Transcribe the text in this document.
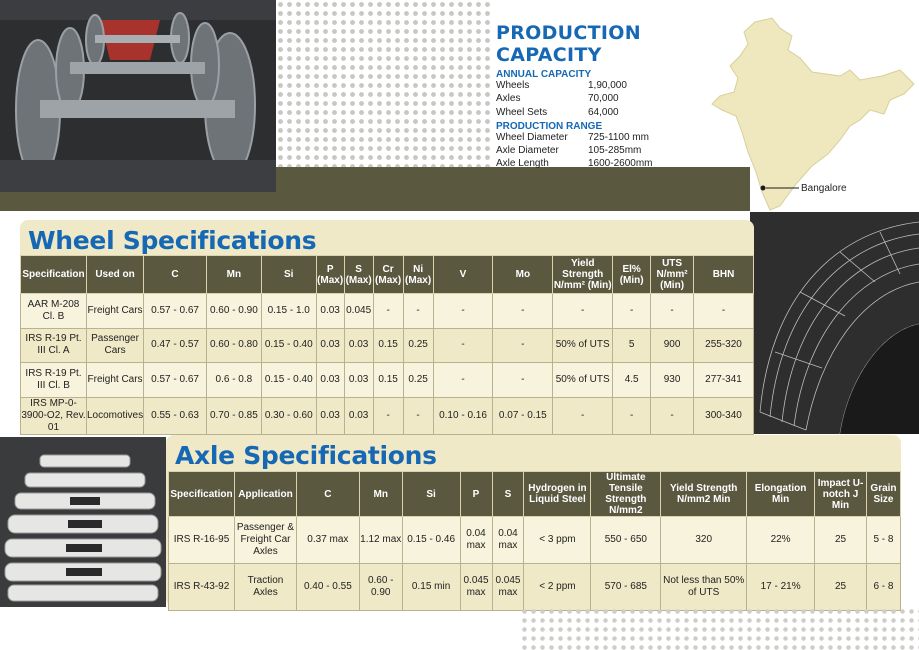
PRODUCTION CAPACITY
ANNUAL CAPACITY
Wheels	1,90,000
Axles	70,000
Wheel Sets	64,000
PRODUCTION RANGE
Wheel Diameter	725-1100 mm
Axle Diameter	105-285mm
Axle Length	1600-2600mm
Bangalore
Wheel Specifications
Specification	Used on	C	Mn	Si	P (Max)	S (Max)	Cr (Max)	Ni (Max)	V	Mo	Yield Strength N/mm² (Min)	El% (Min)	UTS N/mm² (Min)	BHN
AAR M-208 Cl. B	Freight Cars	0.57 - 0.67	0.60 - 0.90	0.15 - 1.0	0.03	0.045	-	-	-	-	-	-	-	-
IRS R-19 Pt. III Cl. A	Passenger Cars	0.47 - 0.57	0.60 - 0.80	0.15 - 0.40	0.03	0.03	0.15	0.25	-	-	50% of UTS	5	900	255-320
IRS R-19 Pt. III Cl. B	Freight Cars	0.57 - 0.67	0.6 - 0.8	0.15 - 0.40	0.03	0.03	0.15	0.25	-	-	50% of UTS	4.5	930	277-341
IRS MP-0-3900-O2, Rev. 01	Locomotives	0.55 - 0.63	0.70 - 0.85	0.30 - 0.60	0.03	0.03	-	-	0.10 - 0.16	0.07 - 0.15	-	-	-	300-340
Axle Specifications
Specification	Application	C	Mn	Si	P	S	Hydrogen in Liquid Steel	Ultimate Tensile Strength N/mm2	Yield Strength N/mm2 Min	Elongation Min	Impact U-notch J Min	Grain Size
IRS R-16-95	Passenger & Freight Car Axles	0.37 max	1.12 max	0.15 - 0.46	0.04 max	0.04 max	< 3 ppm	550 - 650	320	22%	25	5 - 8
IRS R-43-92	Traction Axles	0.40 - 0.55	0.60 - 0.90	0.15 min	0.045 max	0.045 max	< 2 ppm	570 - 685	Not less than 50% of UTS	17 - 21%	25	6 - 8
